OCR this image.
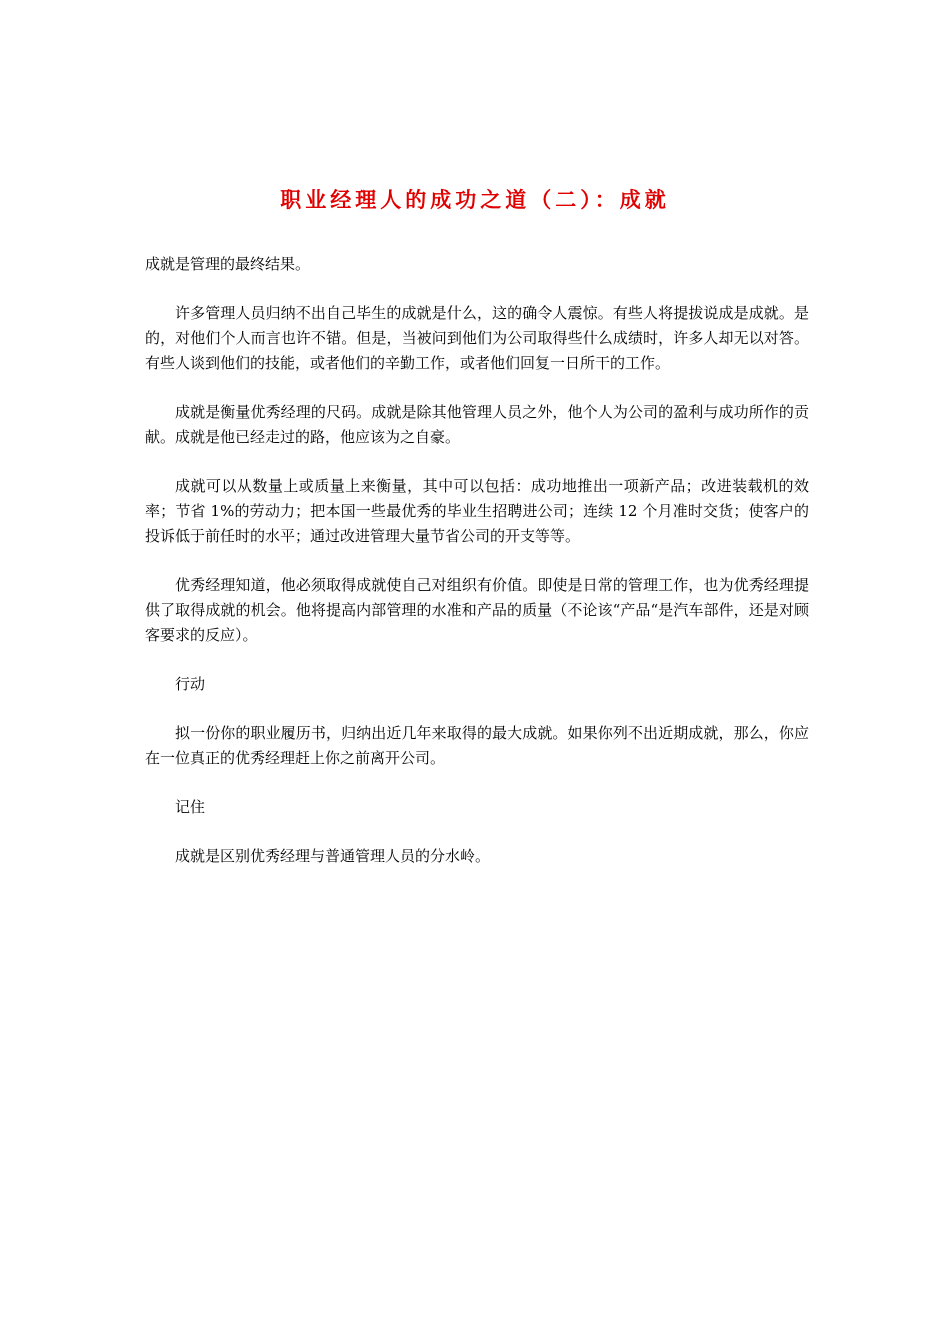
职业经理人的成功之道（二）：成就

成就是管理的最终结果。

许多管理人员归纳不出自己毕生的成就是什么，这的确令人震惊。有些人将提拔说成是成就。是的，对他们个人而言也许不错。但是，当被问到他们为公司取得些什么成绩时，许多人却无以对答。有些人谈到他们的技能，或者他们的辛勤工作，或者他们回复一日所干的工作。

成就是衡量优秀经理的尺码。成就是除其他管理人员之外，他个人为公司的盈利与成功所作的贡献。成就是他已经走过的路，他应该为之自豪。

成就可以从数量上或质量上来衡量，其中可以包括：成功地推出一项新产品；改进装载机的效率；节省 1%的劳动力；把本国一些最优秀的毕业生招聘进公司；连续 12 个月准时交货；使客户的投诉低于前任时的水平；通过改进管理大量节省公司的开支等等。

优秀经理知道，他必须取得成就使自己对组织有价值。即使是日常的管理工作，也为优秀经理提供了取得成就的机会。他将提高内部管理的水准和产品的质量（不论该“产品“是汽车部件，还是对顾客要求的反应）。

行动

拟一份你的职业履历书，归纳出近几年来取得的最大成就。如果你列不出近期成就，那么，你应在一位真正的优秀经理赶上你之前离开公司。

记住

成就是区别优秀经理与普通管理人员的分水岭。
